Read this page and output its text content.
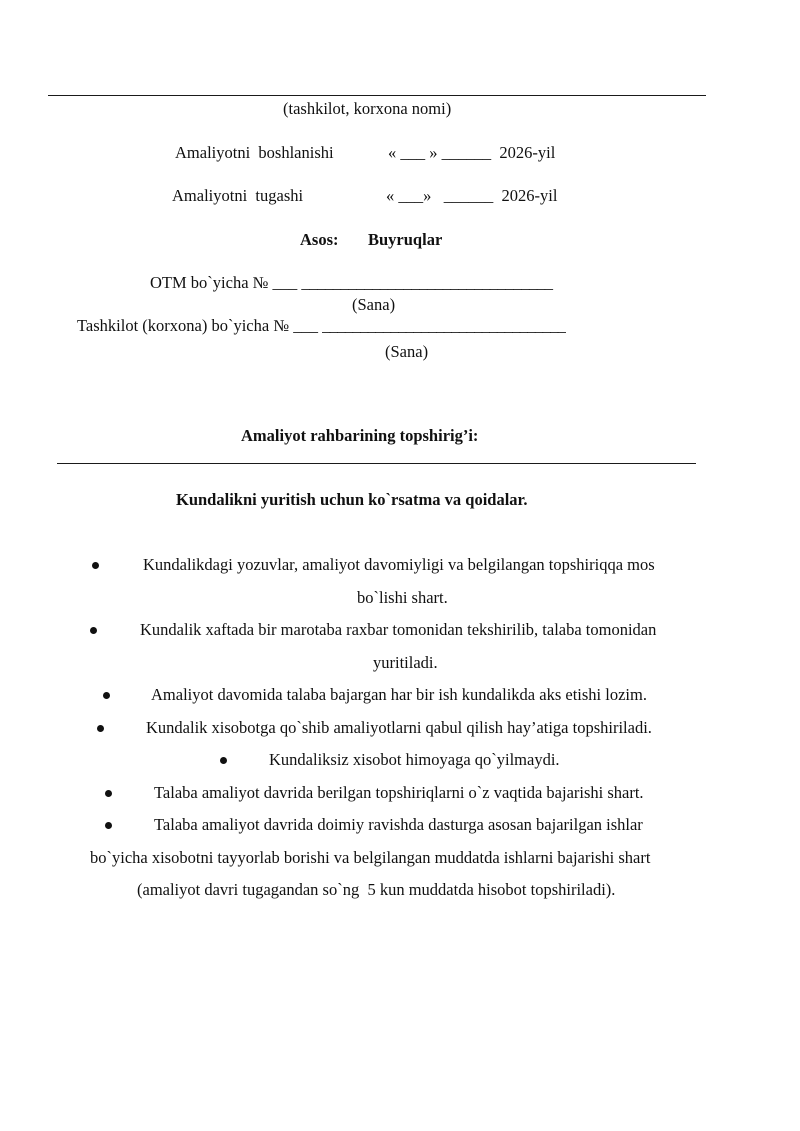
(tashkilot, korxona nomi)
Amaliyotni  boshlanishi	« ___ » ______  2026-yil
Amaliyotni  tugashi	« ___»   ______  2026-yil
Asos: Buyruqlar
OTM bo`yicha № ___ ________________________________
(Sana)
Tashkilot (korxona) bo`yicha № ___ ________________________________
(Sana)
Amaliyot rahbarining topshirig’i:
Kundalikni yuritish uchun ko`rsatma va qoidalar.
Kundalikdagi yozuvlar, amaliyot davomiyligi va belgilangan topshiriqqa mos
bo`lishi shart.
Kundalik xaftada bir marotaba raxbar tomonidan tekshirilib, talaba tomonidan
yuritiladi.
Amaliyot davomida talaba bajargan har bir ish kundalikda aks etishi lozim.
Kundalik xisobotga qo`shib amaliyotlarni qabul qilish hay’atiga topshiriladi.
Kundaliksiz xisobot himoyaga qo`yilmaydi.
Talaba amaliyot davrida berilgan topshiriqlarni o`z vaqtida bajarishi shart.
Talaba amaliyot davrida doimiy ravishda dasturga asosan bajarilgan ishlar
bo`yicha xisobotni tayyorlab borishi va belgilangan muddatda ishlarni bajarishi shart
(amaliyot davri tugagandan so`ng  5 kun muddatda hisobot topshiriladi).
